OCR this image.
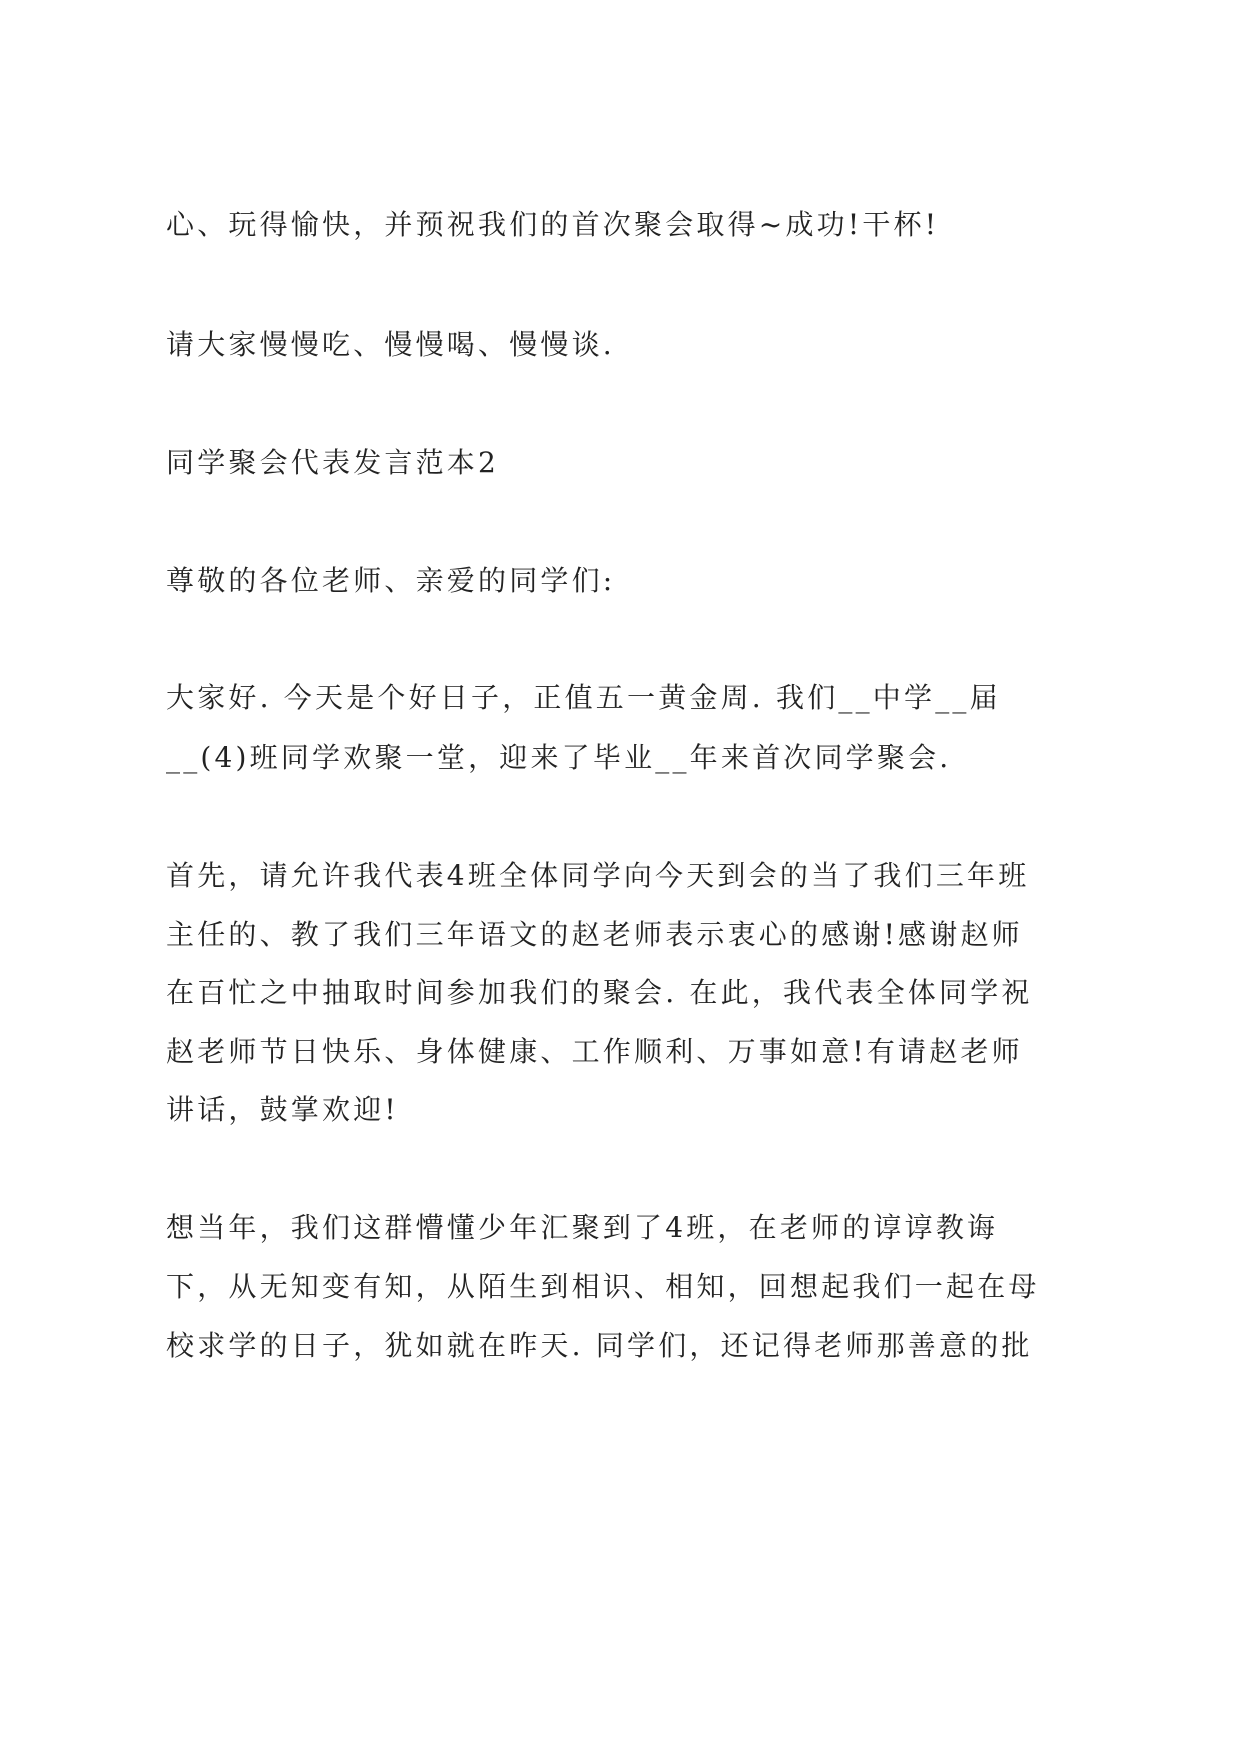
心、玩得愉快，并预祝我们的首次聚会取得~成功!干杯!
请大家慢慢吃、慢慢喝、慢慢谈.
同学聚会代表发言范本2
尊敬的各位老师、亲爱的同学们:
大家好. 今天是个好日子，正值五一黄金周. 我们__中学__届
__(4)班同学欢聚一堂，迎来了毕业__年来首次同学聚会.
首先，请允许我代表4班全体同学向今天到会的当了我们三年班
主任的、教了我们三年语文的赵老师表示衷心的感谢!感谢赵师
在百忙之中抽取时间参加我们的聚会. 在此，我代表全体同学祝
赵老师节日快乐、身体健康、工作顺利、万事如意!有请赵老师
讲话，鼓掌欢迎!
想当年，我们这群懵懂少年汇聚到了4班，在老师的谆谆教诲
下，从无知变有知，从陌生到相识、相知，回想起我们一起在母
校求学的日子，犹如就在昨天. 同学们，还记得老师那善意的批
